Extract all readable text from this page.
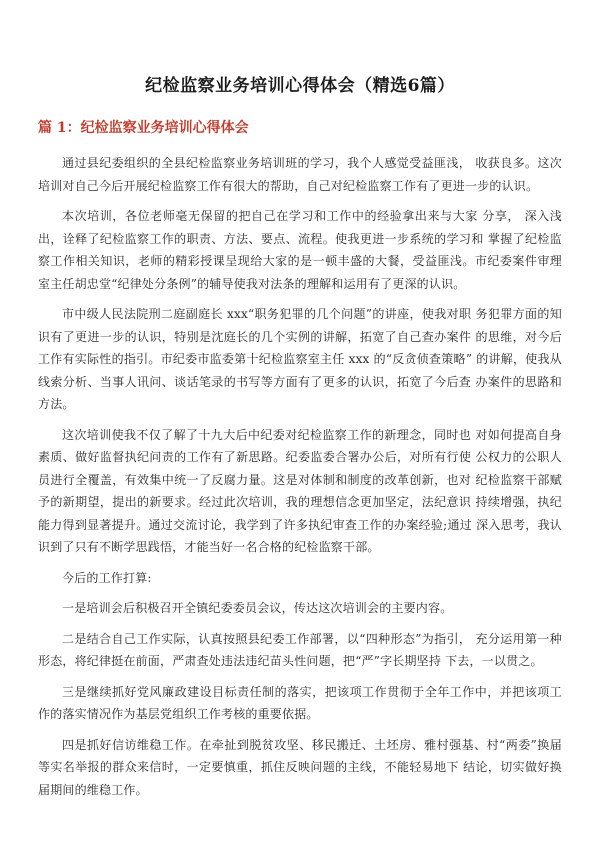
纪检监察业务培训心得体会（精选6篇）
篇 1：纪检监察业务培训心得体会

通过县纪委组织的全县纪检监察业务培训班的学习，我个人感觉受益匪浅， 收获良多。这次培训对自己今后开展纪检监察工作有很大的帮助，自己对纪检监察工作有了更进一步的认识。

本次培训，各位老师毫无保留的把自己在学习和工作中的经验拿出来与大家 分享， 深入浅出，诠释了纪检监察工作的职责、方法、要点、流程。使我更进一步系统的学习和 掌握了纪检监察工作相关知识，老师的精彩授课呈现给大家的是一顿丰盛的大餐，受益匪浅。市纪委案件审理室主任胡忠堂“纪律处分条例”的辅导使我对法条的理解和运用有了更深的认识。

市中级人民法院刑二庭副庭长 xxx“职务犯罪的几个问题”的讲座，使我对职 务犯罪方面的知识有了更进一步的认识，特别是沈庭长的几个实例的讲解，拓宽了自己查办案件 的思维，对今后工作有实际性的指引。市纪委市监委第十纪检监察室主任 xxx 的“反贪侦查策略” 的讲解，使我从线索分析、当事人讯问、谈话笔录的书写等方面有了更多的认识，拓宽了今后查 办案件的思路和方法。

这次培训使我不仅了解了十九大后中纪委对纪检监察工作的新理念，同时也 对如何提高自身素质、做好监督执纪问责的工作有了新思路。纪委监委合署办公后，对所有行使 公权力的公职人员进行全覆盖，有效集中统一了反腐力量。这是对体制和制度的改革创新，也对 纪检监察干部赋予的新期望，提出的新要求。经过此次培训，我的理想信念更加坚定，法纪意识 持续增强，执纪能力得到显著提升。通过交流讨论，我学到了许多执纪审查工作的办案经验;通过 深入思考，我认识到了只有不断学思践悟，才能当好一名合格的纪检监察干部。

今后的工作打算:

一是培训会后积极召开全镇纪委委员会议，传达这次培训会的主要内容。

二是结合自己工作实际，认真按照县纪委工作部署，以“四种形态”为指引， 充分运用第一种形态，将纪律挺在前面，严肃查处违法违纪苗头性问题，把“严”字长期坚持 下去，一以贯之。

三是继续抓好党风廉政建设目标责任制的落实，把该项工作贯彻于全年工作中，并把该项工作的落实情况作为基层党组织工作考核的重要依据。

四是抓好信访维稳工作。在牵扯到脱贫攻坚、移民搬迁、土坯房、雅村强基、村“两委”换届等实名举报的群众来信时，一定要慎重，抓住反映问题的主线，不能轻易地下 结论，切实做好换届期间的维稳工作。
